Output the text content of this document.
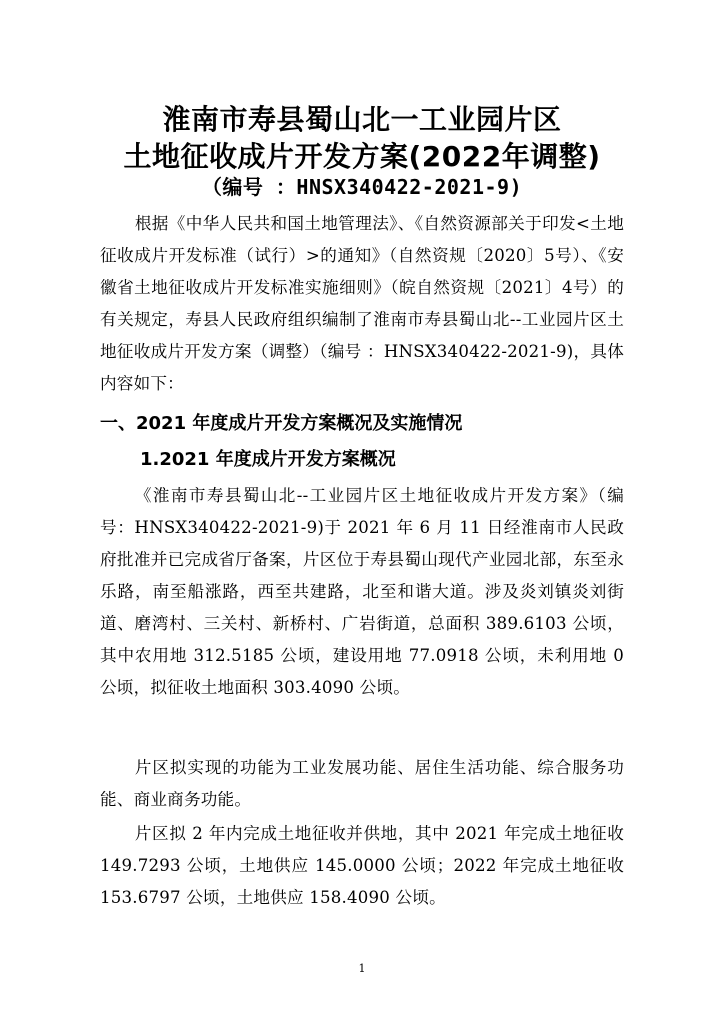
淮南市寿县蜀山北一工业园片区
土地征收成片开发方案(2022年调整)
（编号 ：HNSX340422-2021-9)
根据《中华人民共和国土地管理法》、《自然资源部关于印发<土地征收成片开发标准（试行）>的通知》（自然资规〔2020〕5号）、《安徽省土地征收成片开发标准实施细则》（皖自然资规〔2021〕4号）的有关规定，寿县人民政府组织编制了淮南市寿县蜀山北--工业园片区土地征收成片开发方案（调整）（编号 ：HNSX340422-2021-9)，具体内容如下：
一、2021 年度成片开发方案概况及实施情况
1.2021 年度成片开发方案概况
《淮南市寿县蜀山北--工业园片区土地征收成片开发方案》（编号：HNSX340422-2021-9)于 2021 年 6 月 11 日经淮南市人民政府批准并已完成省厅备案，片区位于寿县蜀山现代产业园北部，东至永乐路，南至船涨路，西至共建路，北至和谐大道。涉及炎刘镇炎刘街道、磨湾村、三关村、新桥村、广岩街道，总面积 389.6103 公顷，其中农用地 312.5185 公顷，建设用地 77.0918 公顷，未利用地 0 公顷，拟征收土地面积 303.4090 公顷。
片区拟实现的功能为工业发展功能、居住生活功能、综合服务功能、商业商务功能。
片区拟 2 年内完成土地征收并供地，其中 2021 年完成土地征收 149.7293 公顷，土地供应 145.0000 公顷；2022 年完成土地征收 153.6797 公顷，土地供应 158.4090 公顷。
1
